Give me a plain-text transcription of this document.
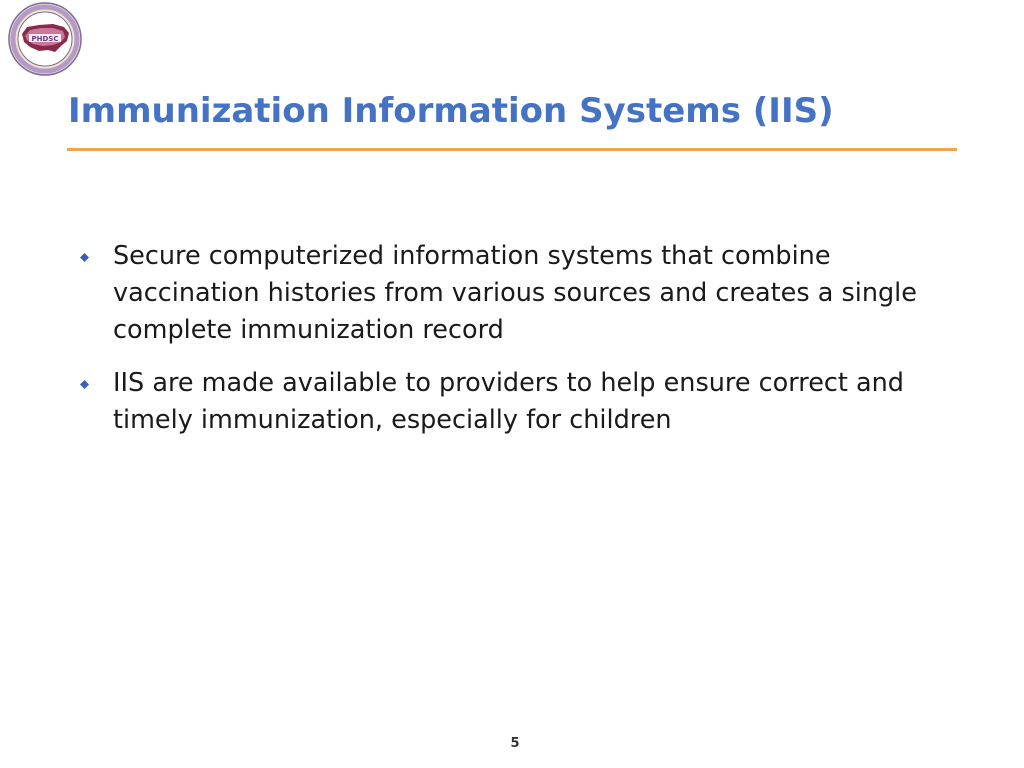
PHDSC
Immunization Information Systems (IIS)
Secure computerized information systems that combine vaccination histories from various sources and creates a single complete immunization record
IIS are made available to providers to help ensure correct and timely immunization, especially for children
5
